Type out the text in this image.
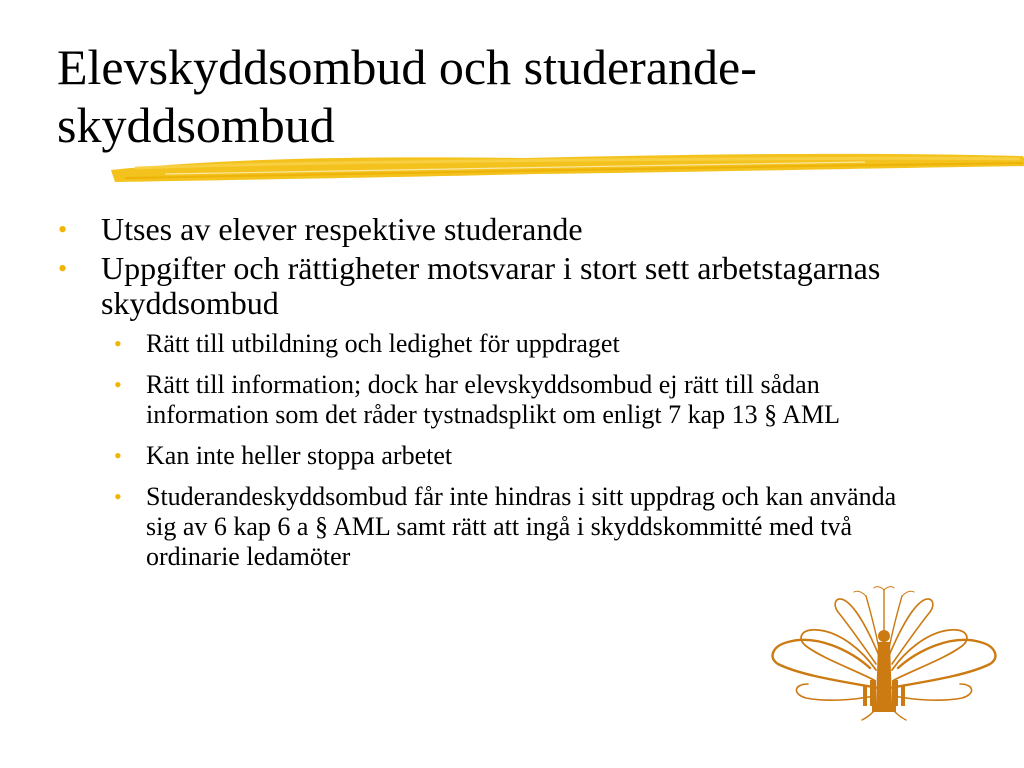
Elevskyddsombud och studerande-skyddsombud
• Utses av elever respektive studerande
• Uppgifter och rättigheter motsvarar i stort sett arbetstagarnas skyddsombud
• Rätt till utbildning och ledighet för uppdraget
• Rätt till information; dock har elevskyddsombud ej rätt till sådan information som det råder tystnadsplikt om enligt 7 kap 13 § AML
• Kan inte heller stoppa arbetet
• Studerandeskyddsombud får inte hindras i sitt uppdrag och kan använda sig av 6 kap 6 a § AML samt rätt att ingå i skyddskommitté med två ordinarie ledamöter
